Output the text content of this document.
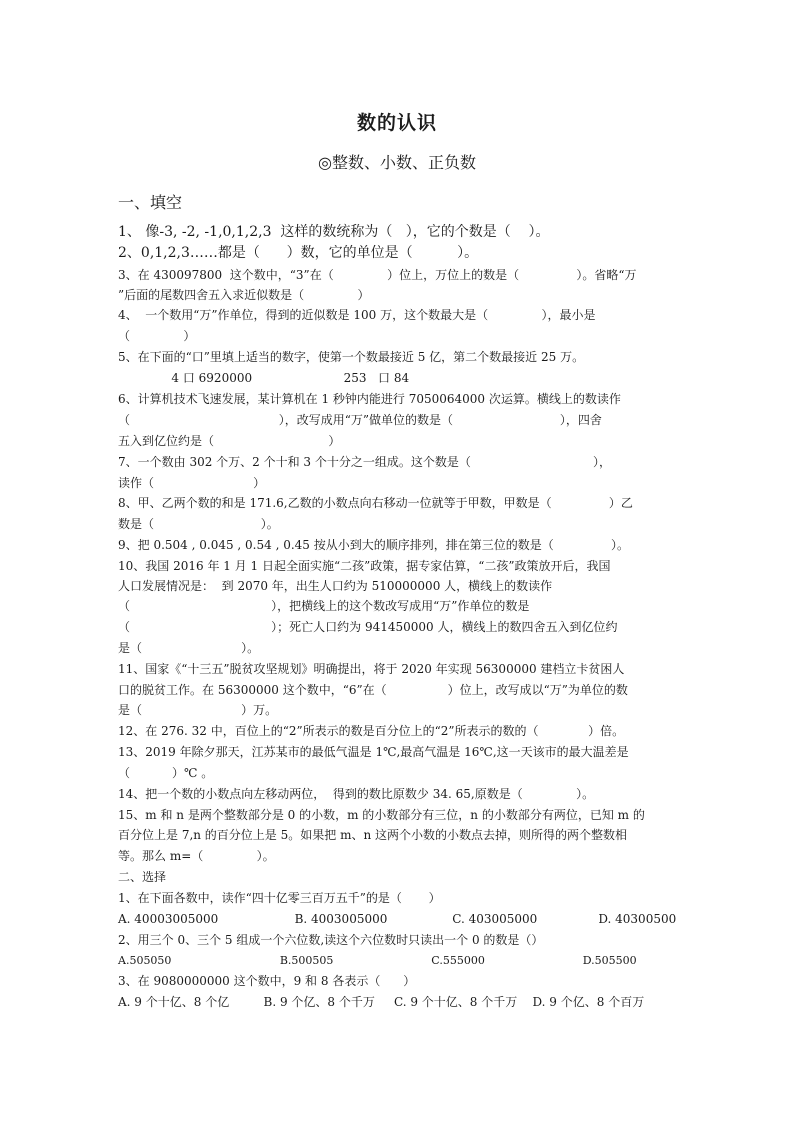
数的认识
◎整数、小数、正负数
一、填空
1、 像-3, -2, -1,0,1,2,3  这样的数统称为（   ），它的个数是（    ）。
2、0,1,2,3……都是（      ）数，它的单位是（          ）。
3、在 430097800  这个数中，“3”在（              ）位上，万位上的数是（               ）。省略“万
”后面的尾数四舍五入求近似数是（              ）
4、  一个数用“万”作单位，得到的近似数是 100 万，这个数最大是（              ），最小是
（              ）
5、在下面的“口”里填上适当的数字，使第一个数最接近 5 亿，第二个数最接近 25 万。
4 口 6920000                        253   口 84
6、计算机技术飞速发展，某计算机在 1 秒钟内能进行 7050064000 次运算。横线上的数读作
（                                       ），改写成用“万”做单位的数是（                            ），四舍
五入到亿位约是（                              ）
7、一个数由 302 个万、2 个十和 3 个十分之一组成。这个数是（                                ），
读作（                          ）
8、甲、乙两个数的和是 171.6,乙数的小数点向右移动一位就等于甲数，甲数是（               ）乙
数是（                            ）。
9、把 0.504 , 0.045 , 0.54 , 0.45 按从小到大的顺序排列，排在第三位的数是（               ）。
10、我国 2016 年 1 月 1 日起全面实施“二孩”政策，据专家估算，“二孩”政策放开后，我国
人口发展情况是：  到 2070 年，出生人口约为 510000000 人，横线上的数读作
（                                     ），把横线上的这个数改写成用“万”作单位的数是
（                                     ）；死亡人口约为 941450000 人，横线上的数四舍五入到亿位约
是（                          ）。
11、国家《“十三五”脱贫攻坚规划》明确提出，将于 2020 年实现 56300000 建档立卡贫困人
口的脱贫工作。在 56300000 这个数中，“6”在（                ）位上，改写成以“万”为单位的数
是（                          ）万。
12、在 276. 32 中，百位上的“2”所表示的数是百分位上的“2”所表示的数的（             ）倍。
13、2019 年除夕那天，江苏某市的最低气温是 1℃,最高气温是 16℃,这一天该市的最大温差是
（           ）℃ 。
14、把一个数的小数点向左移动两位，  得到的数比原数少 34. 65,原数是（              ）。
15、m 和 n 是两个整数部分是 0 的小数，m 的小数部分有三位，n 的小数部分有两位，已知 m 的
百分位上是 7,n 的百分位上是 5。如果把 m、n 这两个小数的小数点去掉，则所得的两个整数相
等。那么 m=（              ）。
二、选择
1、在下面各数中，读作“四十亿零三百万五千”的是（       ）
A. 40003005000                    B. 4003005000                 C. 403005000                D. 40300500
2、用三个 0、三个 5 组成一个六位数,读这个六位数时只读出一个 0 的数是（）
A.505050                               B.500505                            C.555000                            D.505500
3、在 9080000000 这个数中，9 和 8 各表示（      ）
A. 9 个十亿、8 个亿         B. 9 个亿、8 个千万     C. 9 个十亿、8 个千万    D. 9 个亿、8 个百万
